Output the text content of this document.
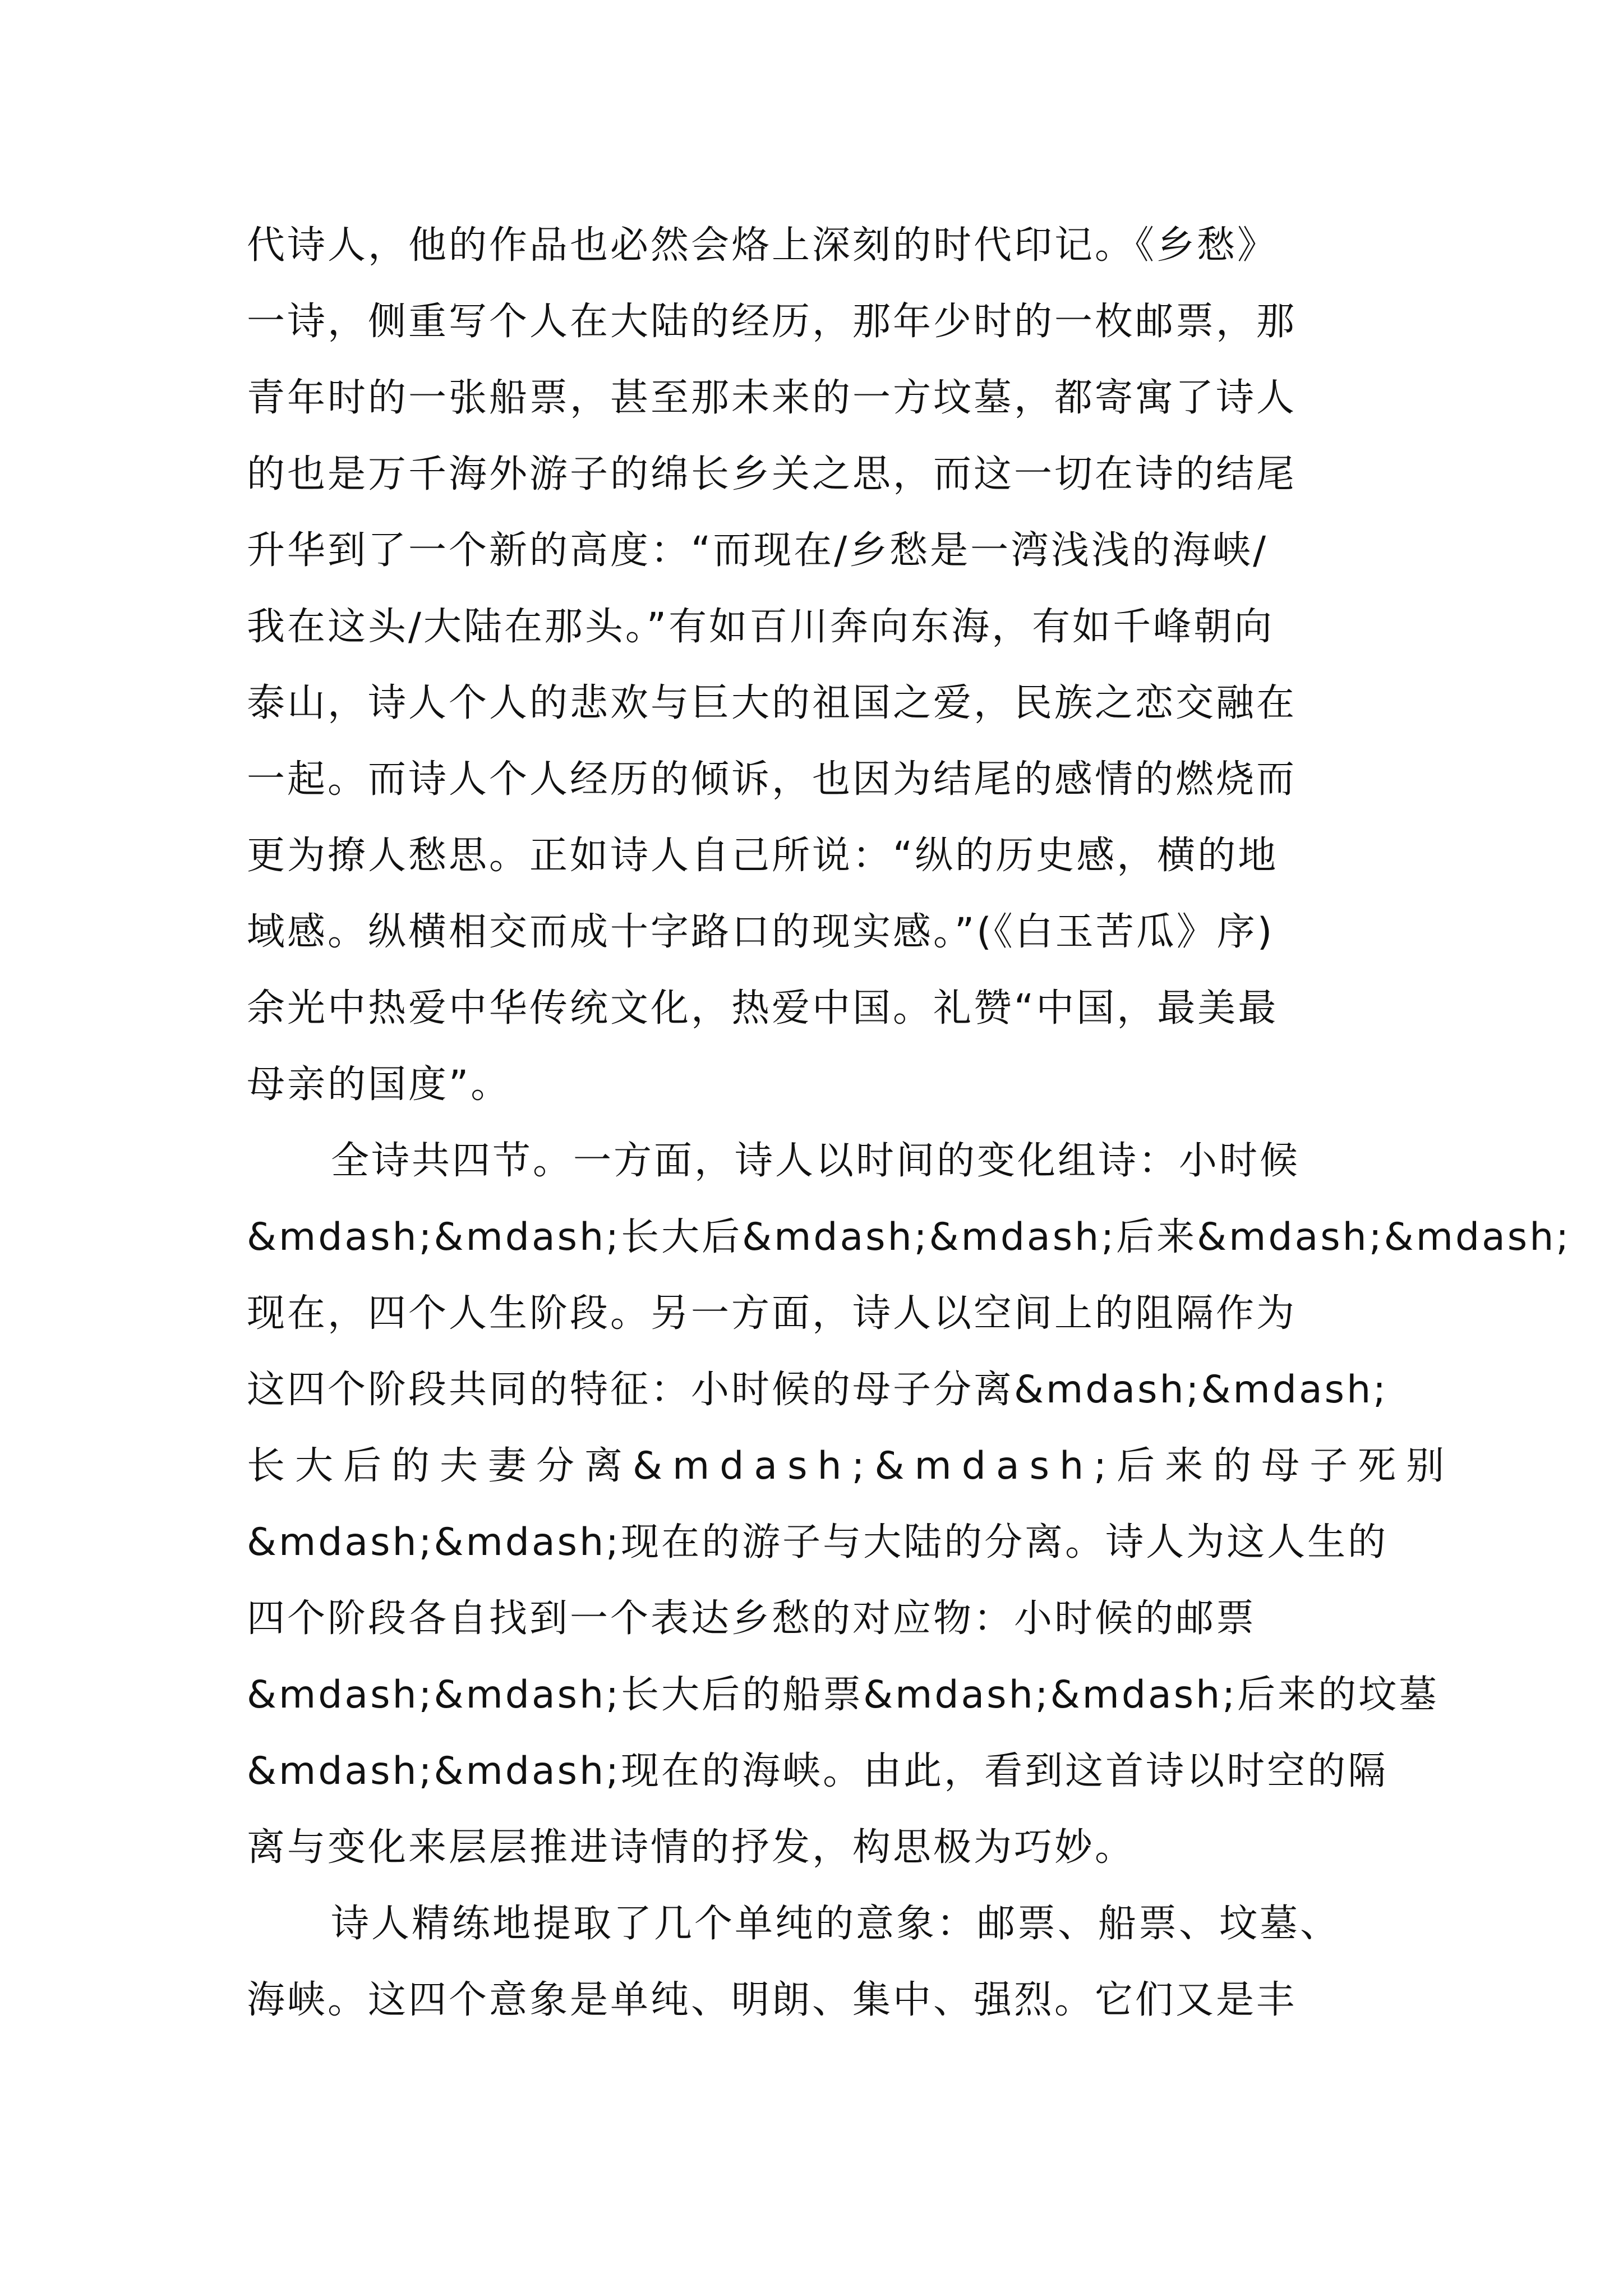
代诗人，他的作品也必然会烙上深刻的时代印记。《乡愁》
一诗，侧重写个人在大陆的经历，那年少时的一枚邮票，那
青年时的一张船票，甚至那未来的一方坟墓，都寄寓了诗人
的也是万千海外游子的绵长乡关之思，而这一切在诗的结尾
升华到了一个新的高度：“而现在/乡愁是一湾浅浅的海峡/
我在这头/大陆在那头。”有如百川奔向东海，有如千峰朝向
泰山，诗人个人的悲欢与巨大的祖国之爱，民族之恋交融在
一起。而诗人个人经历的倾诉，也因为结尾的感情的燃烧而
更为撩人愁思。正如诗人自己所说：“纵的历史感，横的地
域感。纵横相交而成十字路口的现实感。”(《白玉苦瓜》序)
余光中热爱中华传统文化，热爱中国。礼赞“中国，最美最
母亲的国度”。
全诗共四节。一方面，诗人以时间的变化组诗：小时候
&mdash;&mdash;长大后&mdash;&mdash;后来&mdash;&mdash;
现在，四个人生阶段。另一方面，诗人以空间上的阻隔作为
这四个阶段共同的特征：小时候的母子分离&mdash;&mdash;
长大后的夫妻分离&mdash;&mdash;后来的母子死别
&mdash;&mdash;现在的游子与大陆的分离。诗人为这人生的
四个阶段各自找到一个表达乡愁的对应物：小时候的邮票
&mdash;&mdash;长大后的船票&mdash;&mdash;后来的坟墓
&mdash;&mdash;现在的海峡。由此，看到这首诗以时空的隔
离与变化来层层推进诗情的抒发，构思极为巧妙。
诗人精练地提取了几个单纯的意象：邮票、船票、坟墓、
海峡。这四个意象是单纯、明朗、集中、强烈。它们又是丰
